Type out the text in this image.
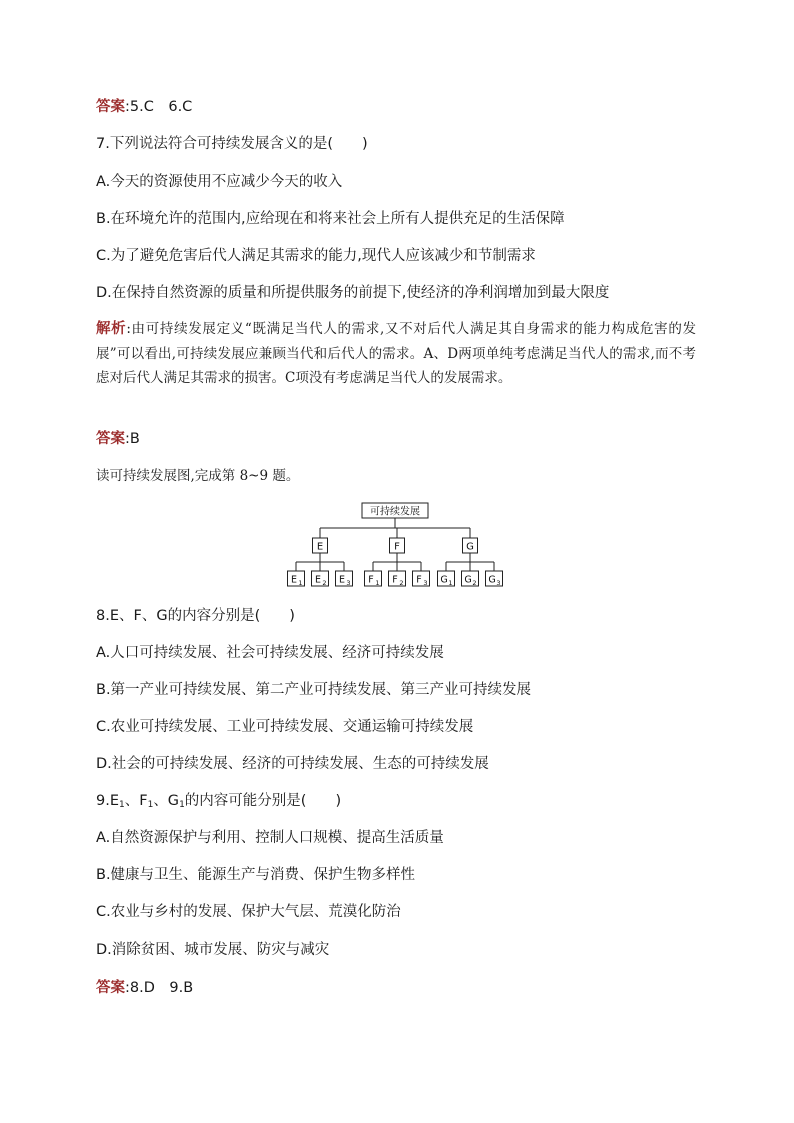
答案:5.C　6.C
7.下列说法符合可持续发展含义的是(　　)
A.今天的资源使用不应减少今天的收入
B.在环境允许的范围内,应给现在和将来社会上所有人提供充足的生活保障
C.为了避免危害后代人满足其需求的能力,现代人应该减少和节制需求
D.在保持自然资源的质量和所提供服务的前提下,使经济的净利润增加到最大限度
解析:由可持续发展定义“既满足当代人的需求,又不对后代人满足其自身需求的能力构成危害的发展”可以看出,可持续发展应兼顾当代和后代人的需求。A、D两项单纯考虑满足当代人的需求,而不考虑对后代人满足其需求的损害。C项没有考虑满足当代人的发展需求。
答案:B
读可持续发展图,完成第 8~9 题。
可持续发展
E
E 1 E 2 E 3
F
F 1 F 2 F 3
G
G 1 G 2 G 3
8.E、F、G的内容分别是(　　)
A.人口可持续发展、社会可持续发展、经济可持续发展
B.第一产业可持续发展、第二产业可持续发展、第三产业可持续发展
C.农业可持续发展、工业可持续发展、交通运输可持续发展
D.社会的可持续发展、经济的可持续发展、生态的可持续发展
$9.E_1$、$F_1$、$G_1$的内容可能分别是(　　)
A.自然资源保护与利用、控制人口规模、提高生活质量
B.健康与卫生、能源生产与消费、保护生物多样性
C.农业与乡村的发展、保护大气层、荒漠化防治
D.消除贫困、城市发展、防灾与减灾
答案:8.D　9.B
